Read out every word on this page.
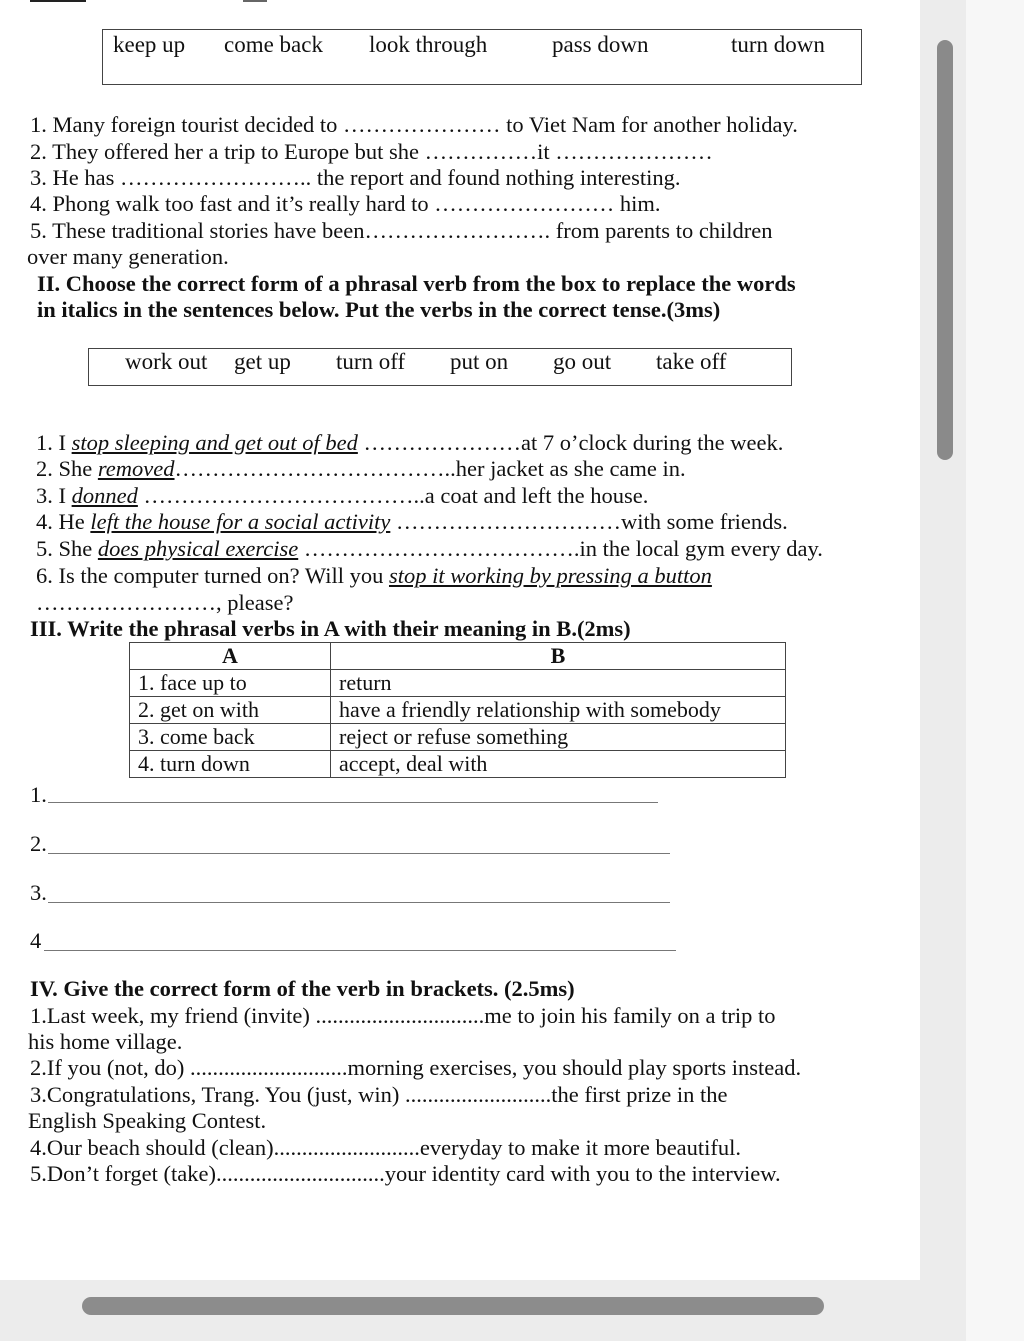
keep up come back look through	pass down	turn down
1. Many foreign tourist decided to ………………… to Viet Nam for another holiday.
2. They offered her a trip to Europe but she ……………it …………………
3. He has …………………….. the report and found nothing interesting.
4. Phong walk too fast and it’s really hard to …………………… him.
5. These traditional stories have been……………………. from parents to children
over many generation.
II. Choose the correct form of a phrasal verb from the box to replace the words
in italics in the sentences below. Put the verbs in the correct tense.(3ms)
work out get up turn off put on go out take off
1. I stop sleeping and get out of bed …………………at 7 o’clock during the week.
2. She removed………………………………..her jacket as she came in.
3. I donned ………………………………..a coat and left the house.
4. He left the house for a social activity …………………………with some friends.
5. She does physical exercise ……………………………….in the local gym every day.
6. Is the computer turned on? Will you stop it working by pressing a button
……………………, please?
III. Write the phrasal verbs in A with their meaning in B.(2ms)
A	B
1. face up to	return
2. get on with	have a friendly relationship with somebody
3. come back	reject or refuse something
4. turn down	accept, deal with
1.
2.
3.
4
IV. Give the correct form of the verb in brackets. (2.5ms)
1.Last week, my friend (invite) ..............................me to join his family on a trip to
his home village.
2.If you (not, do) ............................morning exercises, you should play sports instead.
3.Congratulations, Trang. You (just, win) ..........................the first prize in the
English Speaking Contest.
4.Our beach should (clean)..........................everyday to make it more beautiful.
5.Don’t forget (take)..............................your identity card with you to the interview.
